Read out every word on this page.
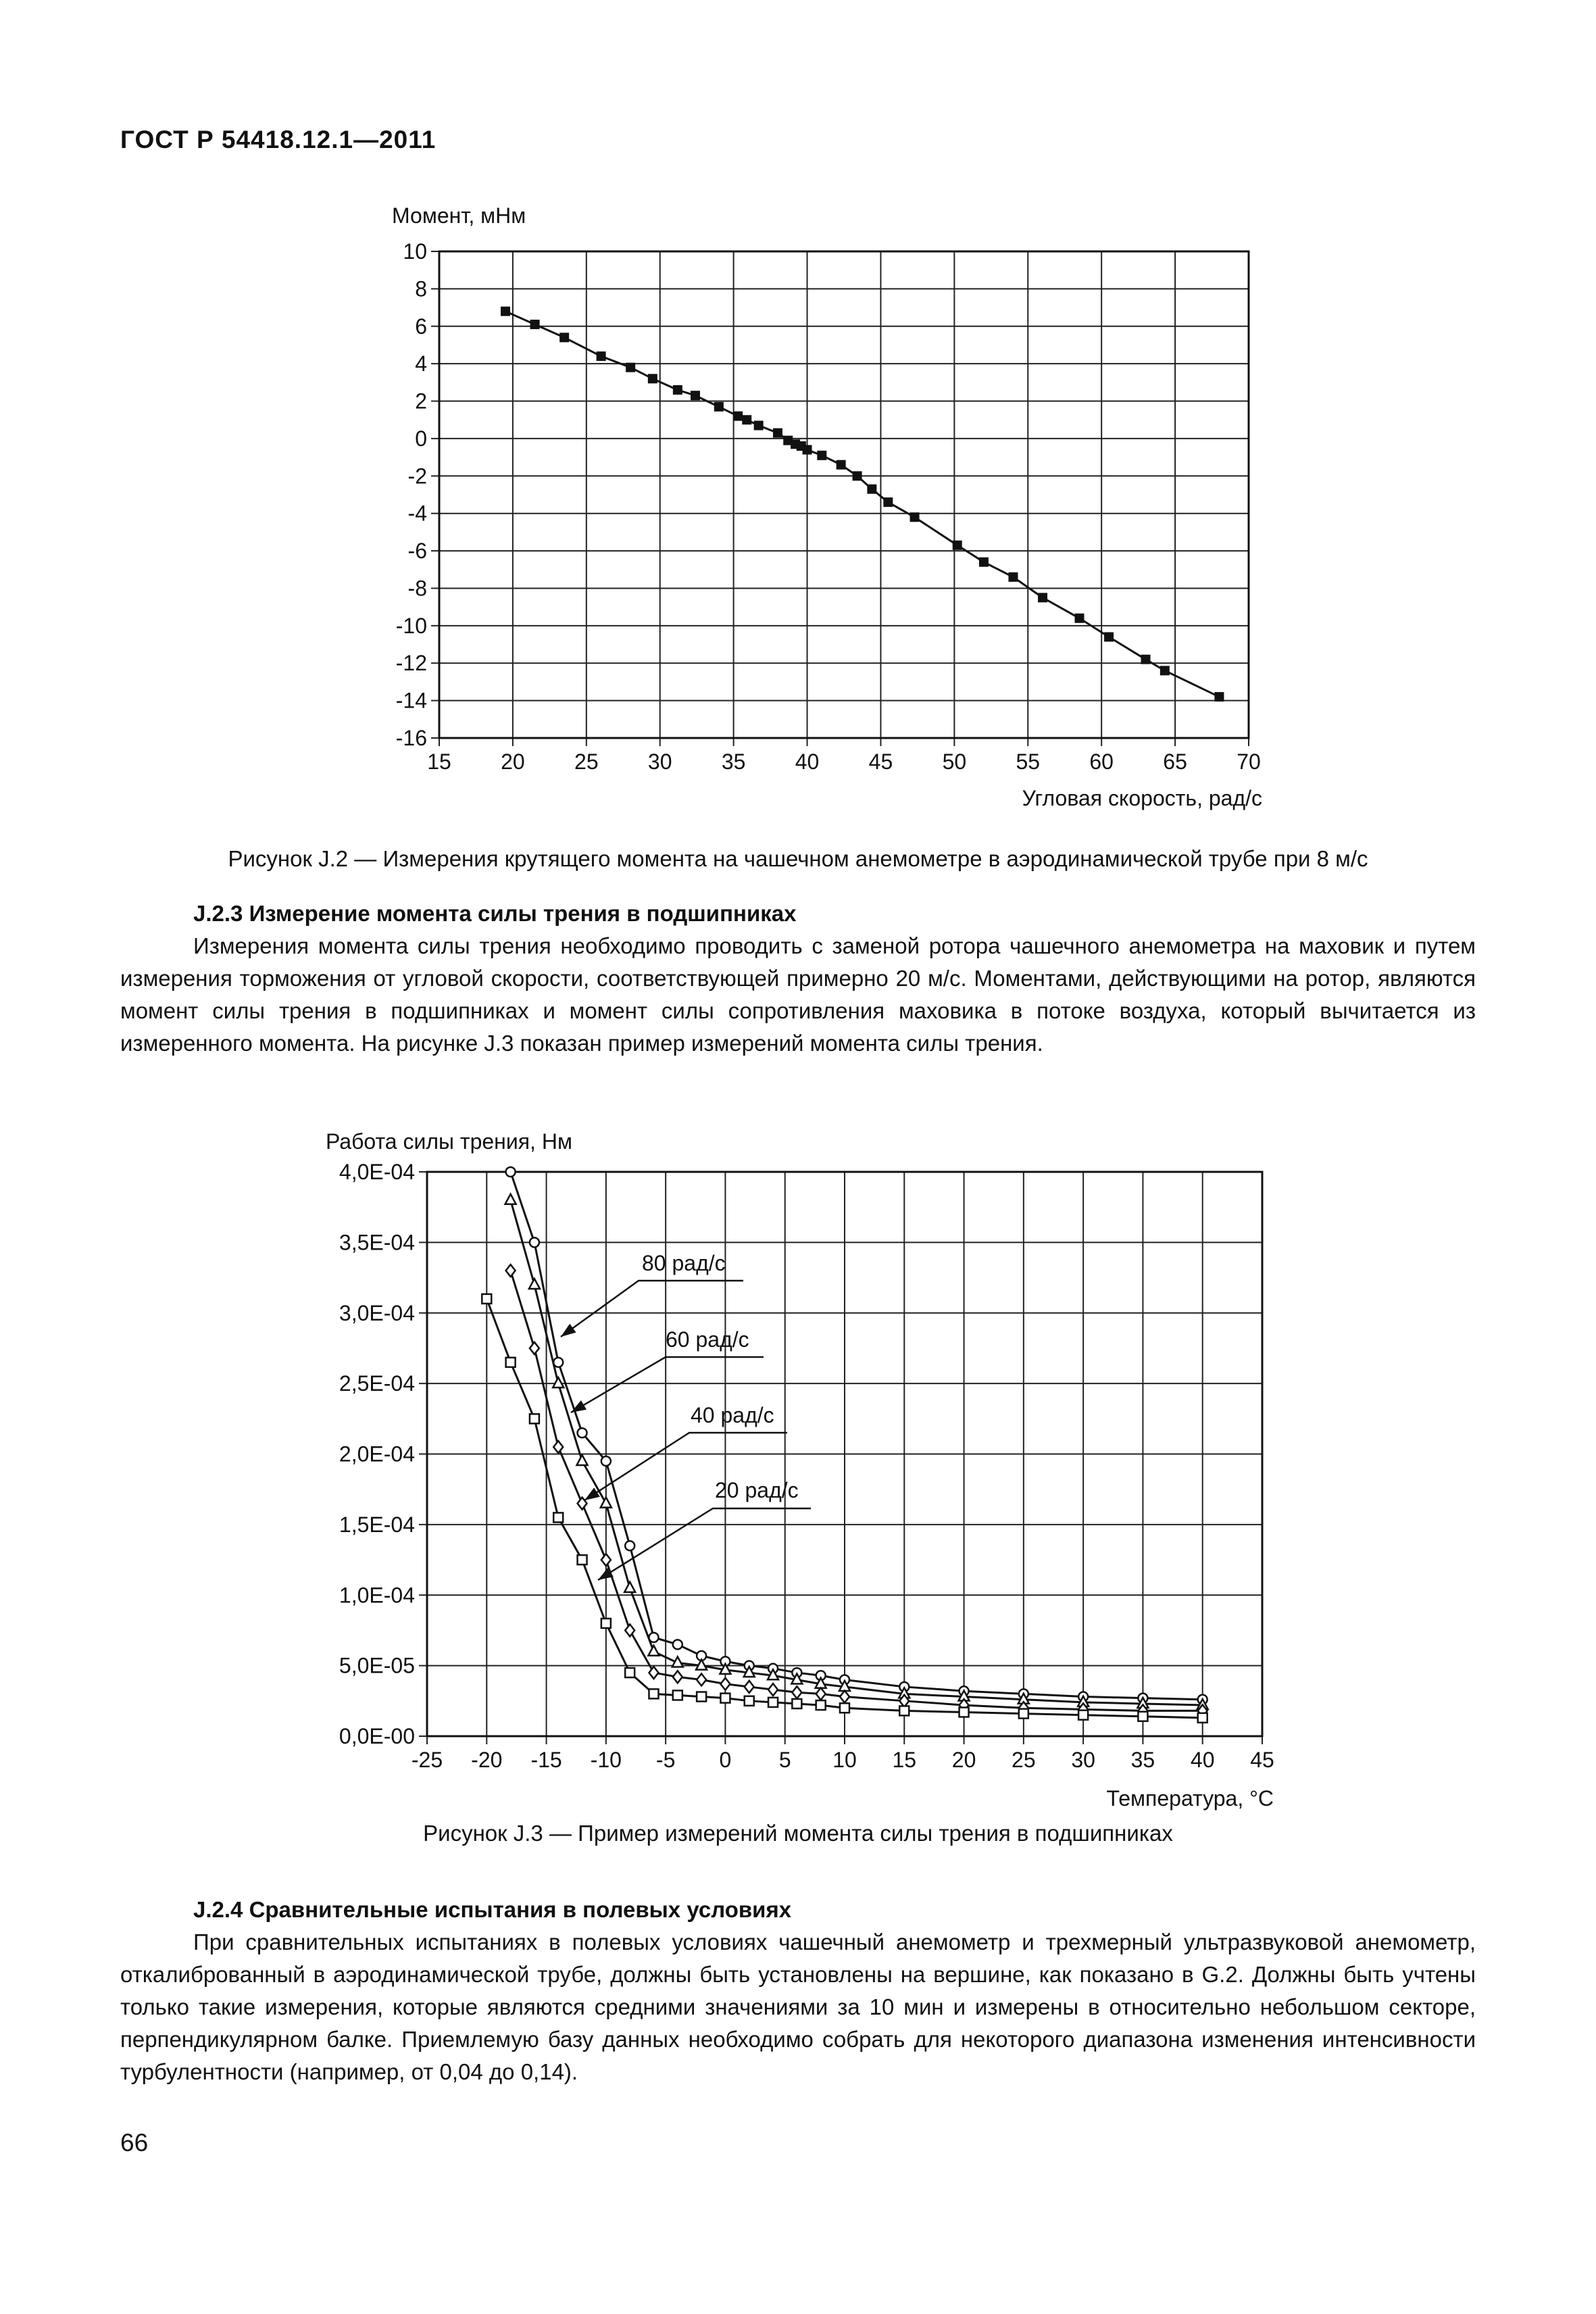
ГОСТ Р 54418.12.1—2011
15 20 25 30 35 40 45 50 55 60 65 70
10
8
6
4
2
0
-2
-4
-6
-8
-10
-12
-14
-16
Момент, мНм
Угловая скорость, рад/с
Рисунок J.2 — Измерения крутящего момента на чашечном анемометре в аэродинамической трубе при 8 м/с
J.2.3 Измерение момента силы трения в подшипниках

Измерения момента силы трения необходимо проводить с заменой ротора чашечного анемометра на маховик и путем измерения торможения от угловой скорости, соответствующей примерно 20 м/с. Моментами, действующими на ротор, являются момент силы трения в подшипниках и момент силы сопротивления маховика в потоке воздуха, который вычитается из измеренного момента. На рисунке J.3 показан пример измерений момента силы трения.

-25 -20 -15 -10 -5 0 5 10 15 20 25 30 35 40 45
4,0E-04
3,5E-04
3,0E-04
2,5E-04
2,0E-04
1,5E-04
1,0E-04
5,0E-05
0,0E-00
80 рад/с
60 рад/с
40 рад/с
20 рад/с
Работа силы трения, Нм
Температура, °С
Рисунок J.3 — Пример измерений момента силы трения в подшипниках
J.2.4 Сравнительные испытания в полевых условиях

При сравнительных испытаниях в полевых условиях чашечный анемометр и трехмерный ультразвуковой анемометр, откалиброванный в аэродинамической трубе, должны быть установлены на вершине, как показано в G.2. Должны быть учтены только такие измерения, которые являются средними значениями за 10 мин и измерены в относительно небольшом секторе, перпендикулярном балке. Приемлемую базу данных необходимо собрать для некоторого диапазона изменения интенсивности турбулентности (например, от 0,04 до 0,14).

66
